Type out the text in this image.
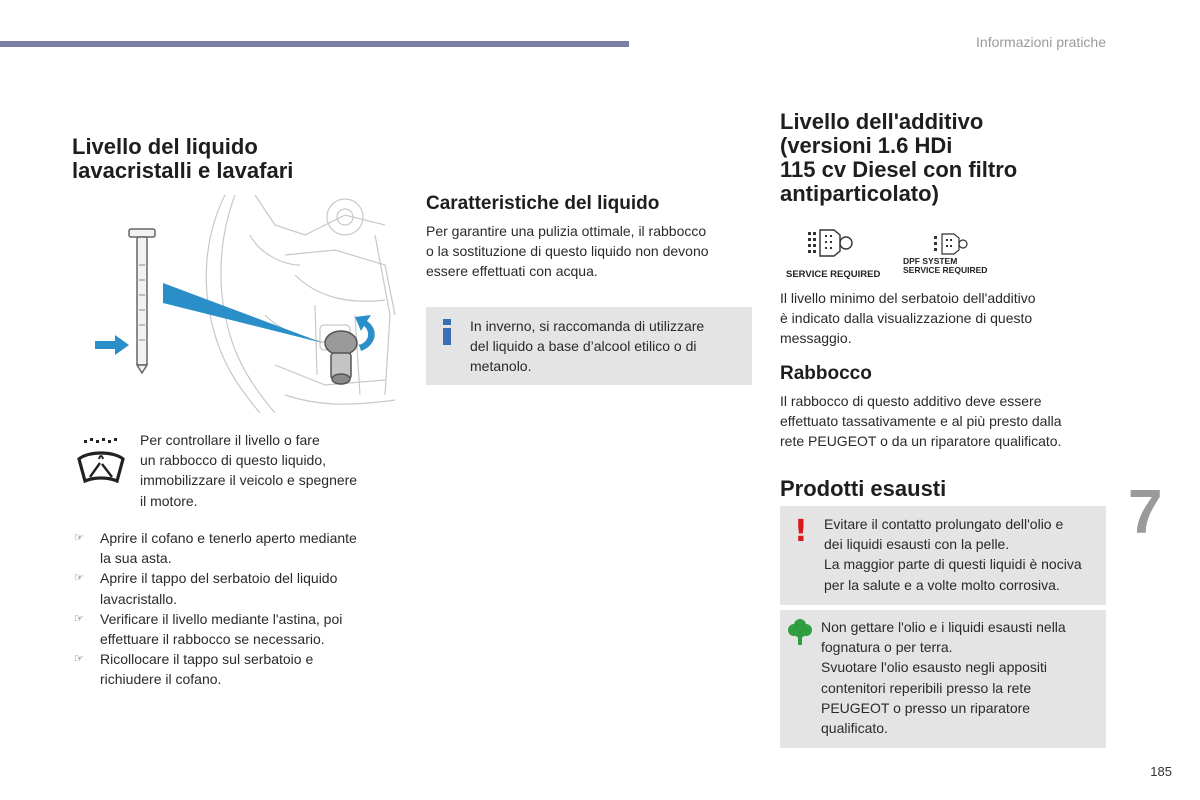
Informazioni pratiche
7
185
Livello del liquido
lavacristalli e lavafari
Per controllare il livello o fare
un rabbocco di questo liquido,
immobilizzare il veicolo e spegnere
il motore.
☞ Aprire il cofano e tenerlo aperto mediante
la sua asta.
☞ Aprire il tappo del serbatoio del liquido
lavacristallo.
☞ Verificare il livello mediante l'astina, poi
effettuare il rabbocco se necessario.
☞ Ricollocare il tappo sul serbatoio e
richiudere il cofano.
Caratteristiche del liquido
Per garantire una pulizia ottimale, il rabbocco
o la sostituzione di questo liquido non devono
essere effettuati con acqua.
In inverno, si raccomanda di utilizzare
del liquido a base d’alcool etilico o di
metanolo.
Livello dell'additivo
(versioni 1.6 HDi
115 cv Diesel con filtro
antiparticolato)
SERVICE REQUIRED
DPF SYSTEM
SERVICE REQUIRED
Il livello minimo del serbatoio dell'additivo
è indicato dalla visualizzazione di questo
messaggio.
Rabbocco
Il rabbocco di questo additivo deve essere
effettuato tassativamente e al più presto dalla
rete PEUGEOT o da un riparatore qualificato.
Prodotti esausti
! Evitare il contatto prolungato dell'olio e
dei liquidi esausti con la pelle.
La maggior parte di questi liquidi è nociva
per la salute e a volte molto corrosiva.
Non gettare l'olio e i liquidi esausti nella
fognatura o per terra.
Svuotare l'olio esausto negli appositi
contenitori reperibili presso la rete
PEUGEOT o presso un riparatore
qualificato.
